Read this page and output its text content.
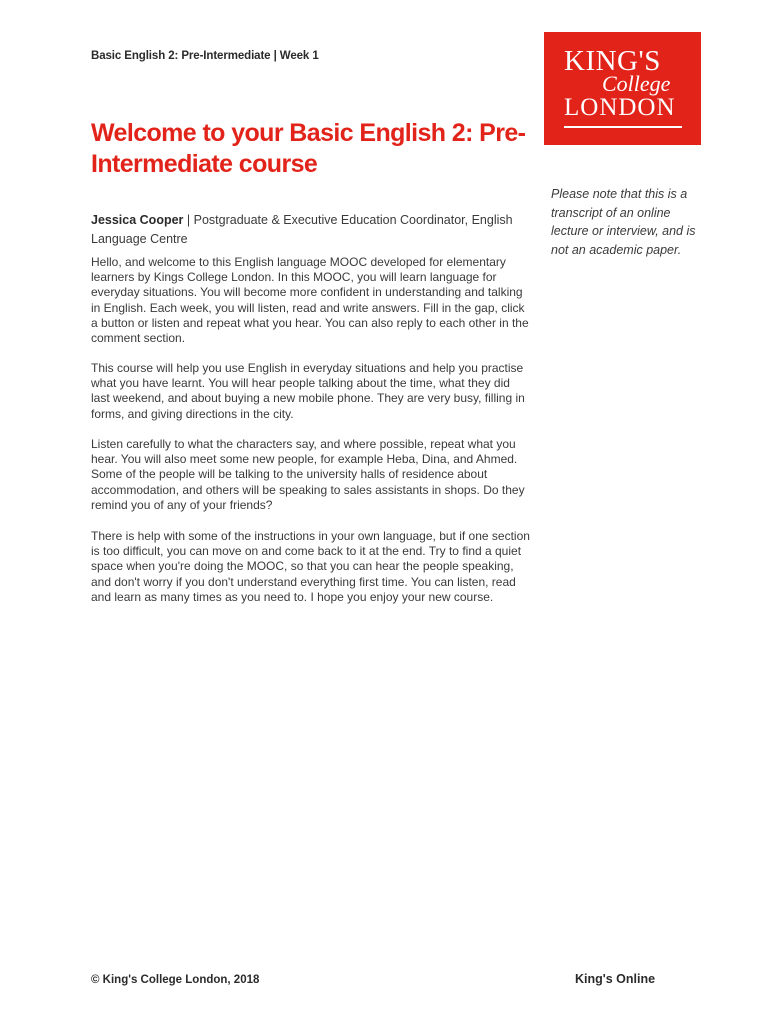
Basic English 2: Pre-Intermediate | Week 1	KING'S
College
LONDON
Welcome to your Basic English 2: Pre-Intermediate course
Please note that this is a transcript of an online lecture or interview, and is not an academic paper.

Jessica Cooper | Postgraduate & Executive Education Coordinator, English Language Centre

Hello, and welcome to this English language MOOC developed for elementary learners by Kings College London. In this MOOC, you will learn language for everyday situations. You will become more confident in understanding and talking in English. Each week, you will listen, read and write answers. Fill in the gap, click a button or listen and repeat what you hear. You can also reply to each other in the comment section.

This course will help you use English in everyday situations and help you practise what you have learnt. You will hear people talking about the time, what they did last weekend, and about buying a new mobile phone. They are very busy, filling in forms, and giving directions in the city.

Listen carefully to what the characters say, and where possible, repeat what you hear. You will also meet some new people, for example Heba, Dina, and Ahmed. Some of the people will be talking to the university halls of residence about accommodation, and others will be speaking to sales assistants in shops. Do they remind you of any of your friends?

There is help with some of the instructions in your own language, but if one section is too difficult, you can move on and come back to it at the end. Try to find a quiet space when you're doing the MOOC, so that you can hear the people speaking, and don't worry if you don't understand everything first time. You can listen, read and learn as many times as you need to. I hope you enjoy your new course.

© King's College London, 2018	King's Online
